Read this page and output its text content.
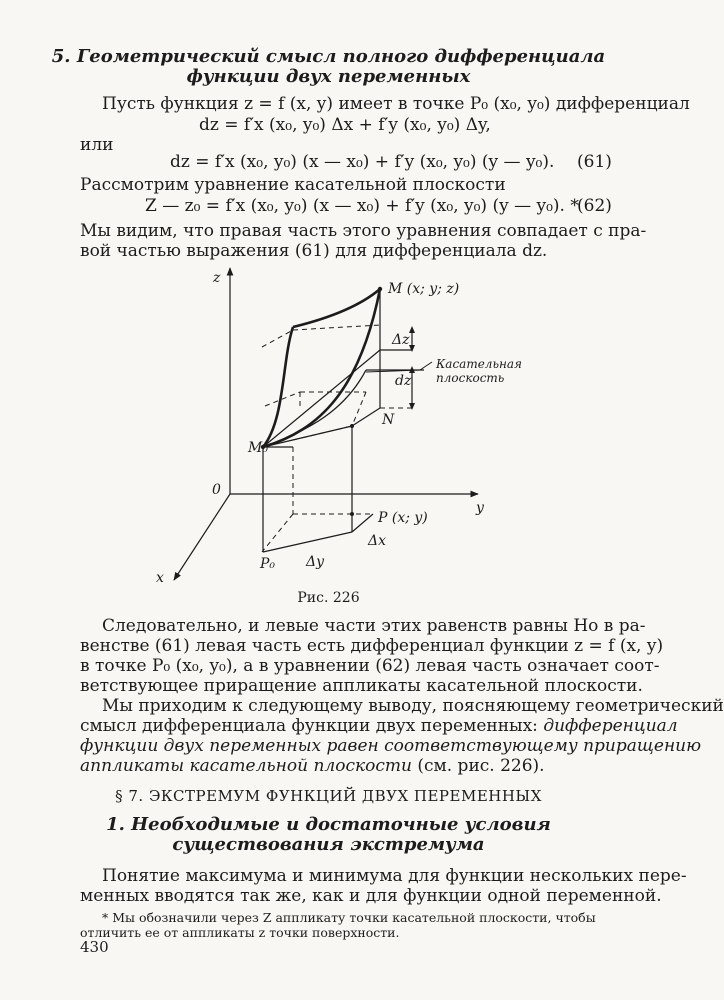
5. Геометрический смысл полного дифференциала
функции двух переменных
Пусть функция z = f (x, y) имеет в точке P₀ (x₀, y₀) дифференциал
dz = f′x (x₀, y₀) Δx + f′y (x₀, y₀) Δy,
или
dz = f′x (x₀, y₀) (x — x₀) + f′y (x₀, y₀) (y — y₀). (61)
Рассмотрим уравнение касательной плоскости
Z — z₀ = f′x (x₀, y₀) (x — x₀) + f′y (x₀, y₀) (y — y₀). *
(62)
Мы видим, что правая часть этого уравнения совпадает с пра-
вой частью выражения (61) для дифференциала dz.
z
y
x
0
M (x; y; z)
Δz
dz
Касательная
плоскость
N
M₀
P (x; y)
Δx
P₀ Δy
Рис. 226
Следовательно, и левые части этих равенств равны Но в ра-
венстве (61) левая часть есть дифференциал функции z = f (x, y)
в точке P₀ (x₀, y₀), а в уравнении (62) левая часть означает соот-
ветствующее приращение аппликаты касательной плоскости.
Мы приходим к следующему выводу, поясняющему геометрический
смысл дифференциала функции двух переменных: дифференциал
функции двух переменных равен соответствующему приращению
аппликаты касательной плоскости (см. рис. 226).
§ 7. ЭКСТРЕМУМ ФУНКЦИЙ ДВУХ ПЕРЕМЕННЫХ
1. Необходимые и достаточные условия
существования экстремума
Понятие максимума и минимума для функции нескольких пере-
менных вводятся так же, как и для функции одной переменной.
* Мы обозначили через Z аппликату точки касательной плоскости, чтобы
отличить ее от аппликаты z точки поверхности.
430
